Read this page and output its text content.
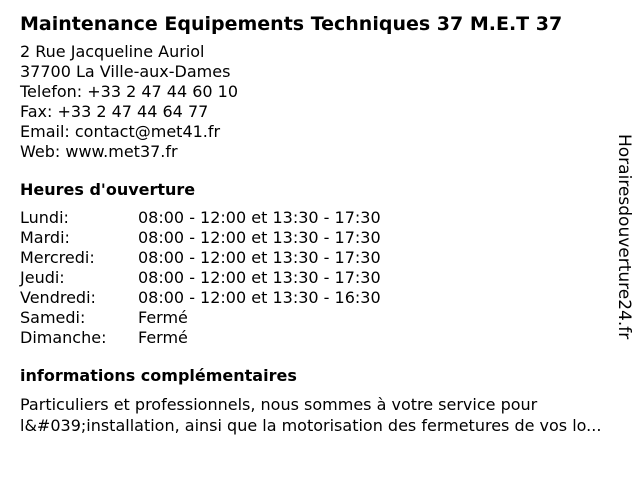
Maintenance Equipements Techniques 37 M.E.T 37
2 Rue Jacqueline Auriol
37700 La Ville-aux-Dames
Telefon: +33 2 47 44 60 10
Fax: +33 2 47 44 64 77
Email: contact@met41.fr
Web: www.met37.fr
Heures d'ouverture
Lundi:	08:00 - 12:00 et 13:30 - 17:30
Mardi:	08:00 - 12:00 et 13:30 - 17:30
Mercredi:	08:00 - 12:00 et 13:30 - 17:30
Jeudi:	08:00 - 12:00 et 13:30 - 17:30
Vendredi:	08:00 - 12:00 et 13:30 - 16:30
Samedi:	Fermé
Dimanche:	Fermé
informations complémentaires
Particuliers et professionnels, nous sommes à votre service pour l&#039;installation, ainsi que la motorisation des fermetures de vos lo...
Horairesdouverture24.fr
